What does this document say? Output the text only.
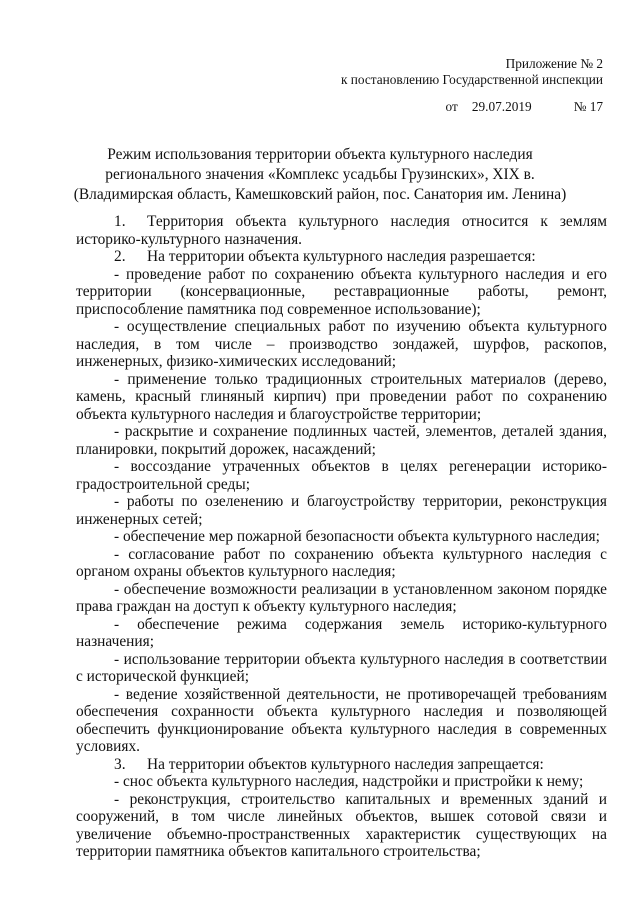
Приложение № 2
к постановлению Государственной инспекции
от 29.07.2019	№ 17
Режим использования территории объекта культурного наследия
регионального значения «Комплекс усадьбы Грузинских», XIX в.
(Владимирская область, Камешковский район, пос. Санатория им. Ленина)

1. Территория объекта культурного наследия относится к землям историко-культурного назначения.

2. На территории объекта культурного наследия разрешается:

- проведение работ по сохранению объекта культурного наследия и его территории (консервационные, реставрационные работы, ремонт, приспособление памятника под современное использование);

- осуществление специальных работ по изучению объекта культурного наследия, в том числе – производство зондажей, шурфов, раскопов, инженерных, физико-химических исследований;

- применение только традиционных строительных материалов (дерево, камень, красный глиняный кирпич) при проведении работ по сохранению объекта культурного наследия и благоустройстве территории;

- раскрытие и сохранение подлинных частей, элементов, деталей здания, планировки, покрытий дорожек, насаждений;

- воссоздание утраченных объектов в целях регенерации историко-градостроительной среды;

- работы по озеленению и благоустройству территории, реконструкция инженерных сетей;

- обеспечение мер пожарной безопасности объекта культурного наследия;

- согласование работ по сохранению объекта культурного наследия с органом охраны объектов культурного наследия;

- обеспечение возможности реализации в установленном законом порядке права граждан на доступ к объекту культурного наследия;

- обеспечение режима содержания земель историко-культурного назначения;

- использование территории объекта культурного наследия в соответствии с исторической функцией;

- ведение хозяйственной деятельности, не противоречащей требованиям обеспечения сохранности объекта культурного наследия и позволяющей обеспечить функционирование объекта культурного наследия в современных условиях.

3. На территории объектов культурного наследия запрещается:

- снос объекта культурного наследия, надстройки и пристройки к нему;

- реконструкция, строительство капитальных и временных зданий и сооружений, в том числе линейных объектов, вышек сотовой связи и увеличение объемно-пространственных характеристик существующих на территории памятника объектов капитального строительства;
